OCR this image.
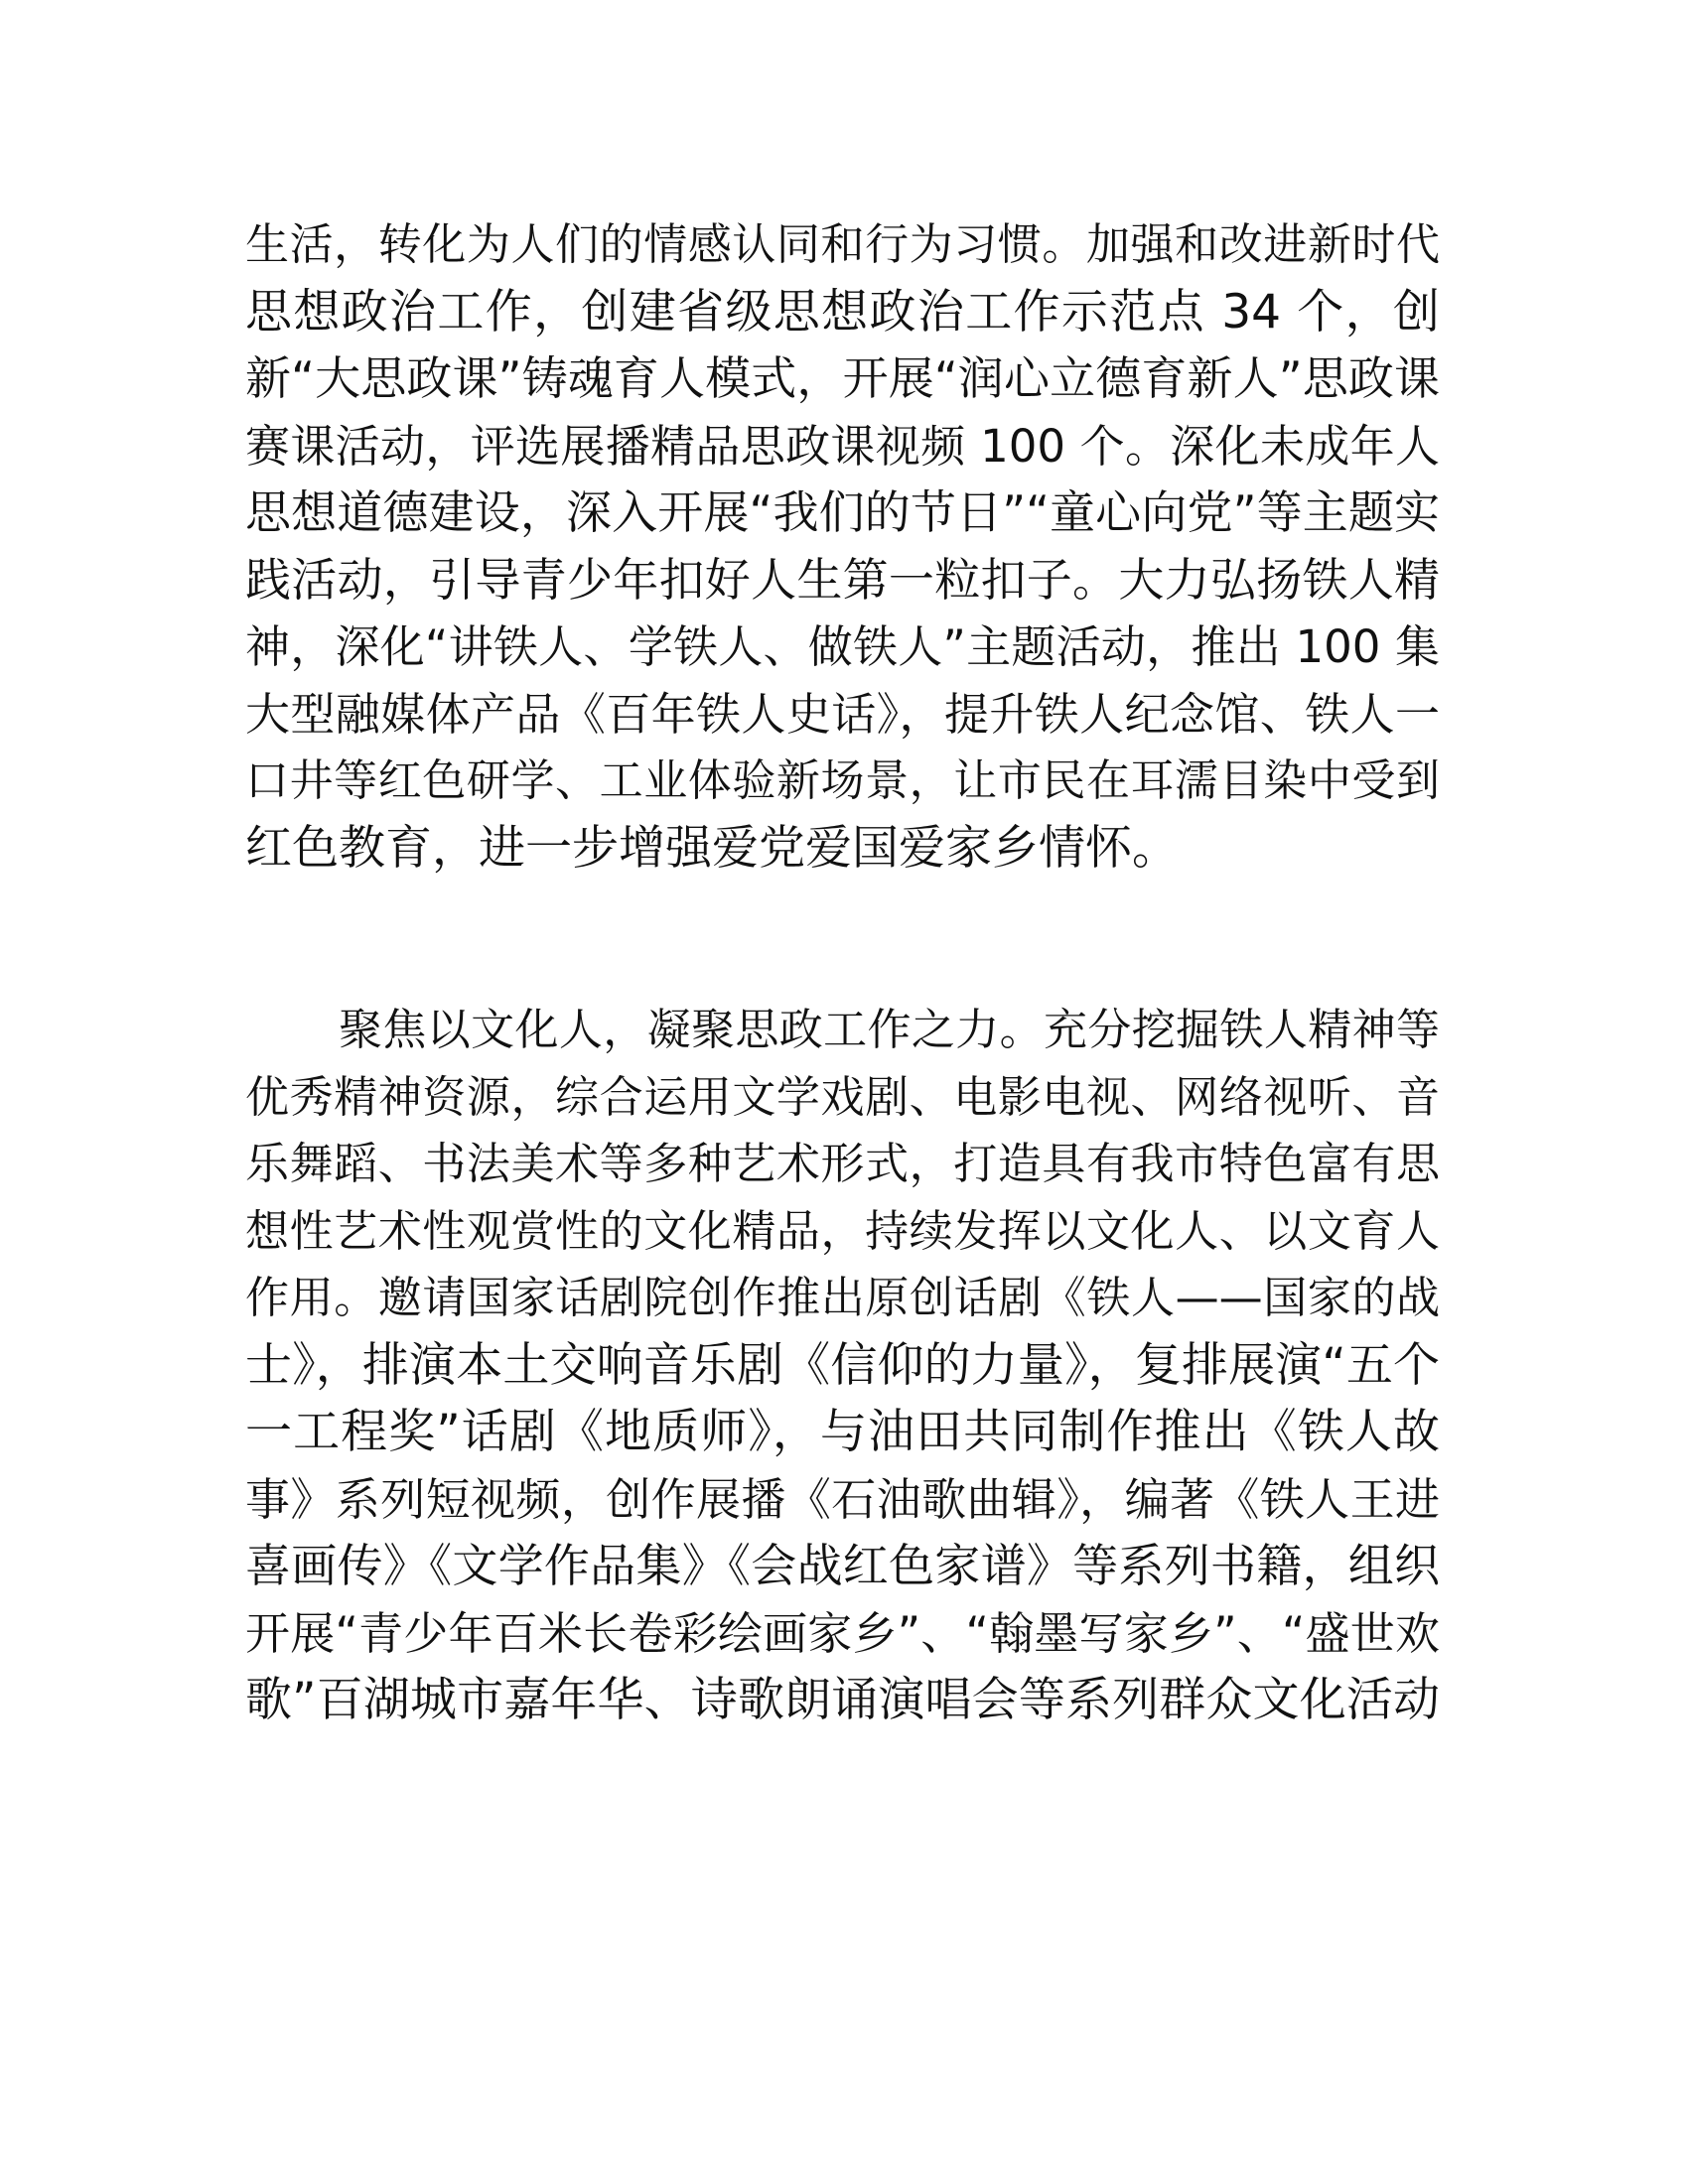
生活，转化为人们的情感认同和行为习惯。加强和改进新时代
思想政治工作，创建省级思想政治工作示范点 34 个，创
新“大思政课”铸魂育人模式，开展“润心立德育新人”思政课
赛课活动，评选展播精品思政课视频 100 个。深化未成年人
思想道德建设，深入开展“我们的节日”“童心向党”等主题实
践活动，引导青少年扣好人生第一粒扣子。大力弘扬铁人精
神，深化“讲铁人、学铁人、做铁人”主题活动，推出 100 集
大型融媒体产品《百年铁人史话》，提升铁人纪念馆、铁人一
口井等红色研学、工业体验新场景，让市民在耳濡目染中受到
红色教育，进一步增强爱党爱国爱家乡情怀。
聚焦以文化人，凝聚思政工作之力。充分挖掘铁人精神等
优秀精神资源，综合运用文学戏剧、电影电视、网络视听、音
乐舞蹈、书法美术等多种艺术形式，打造具有我市特色富有思
想性艺术性观赏性的文化精品，持续发挥以文化人、以文育人
作用。邀请国家话剧院创作推出原创话剧《铁人——国家的战
士》，排演本土交响音乐剧《信仰的力量》，复排展演“五个
一工程奖”话剧《地质师》，与油田共同制作推出《铁人故
事》系列短视频，创作展播《石油歌曲辑》，编著《铁人王进
喜画传》《文学作品集》《会战红色家谱》等系列书籍，组织
开展“青少年百米长卷彩绘画家乡”、“翰墨写家乡”、“盛世欢
歌”百湖城市嘉年华、诗歌朗诵演唱会等系列群众文化活动
